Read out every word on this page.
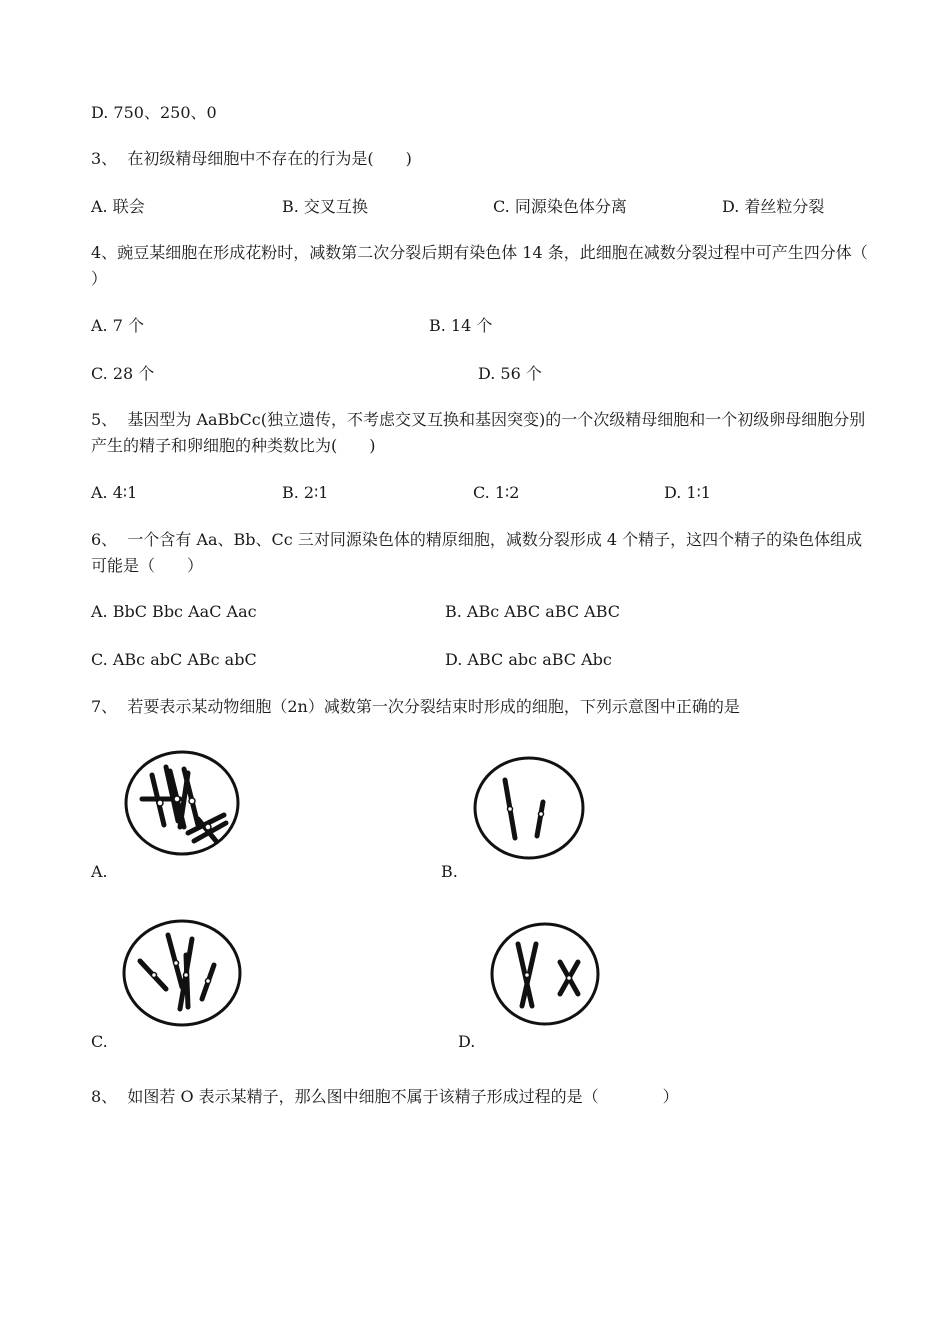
D. 750、250、0
3、 在初级精母细胞中不存在的行为是(　　)
A. 联会	B. 交叉互换	C. 同源染色体分离	D. 着丝粒分裂
4、豌豆某细胞在形成花粉时，减数第二次分裂后期有染色体 14 条，此细胞在减数分裂过程中可产生四分体（ ）
A. 7 个	B. 14 个
C. 28 个	D. 56 个
5、 基因型为 AaBbCc(独立遗传，不考虑交叉互换和基因突变)的一个次级精母细胞和一个初级卵母细胞分别产生的精子和卵细胞的种类数比为(　　)
A. 4∶1	B. 2∶1	C. 1∶2	D. 1∶1
6、 一个含有 Aa、Bb、Cc 三对同源染色体的精原细胞，减数分裂形成 4 个精子，这四个精子的染色体组成可能是（　　）
A. BbC Bbc AaC Aac	B. ABc ABC aBC ABC
C. ABc abC ABc abC	D. ABC abc aBC Abc
7、 若要表示某动物细胞（2n）减数第一次分裂结束时形成的细胞，下列示意图中正确的是
A.	B.
C.	D.
8、 如图若 O 表示某精子，那么图中细胞不属于该精子形成过程的是（　　　　）
